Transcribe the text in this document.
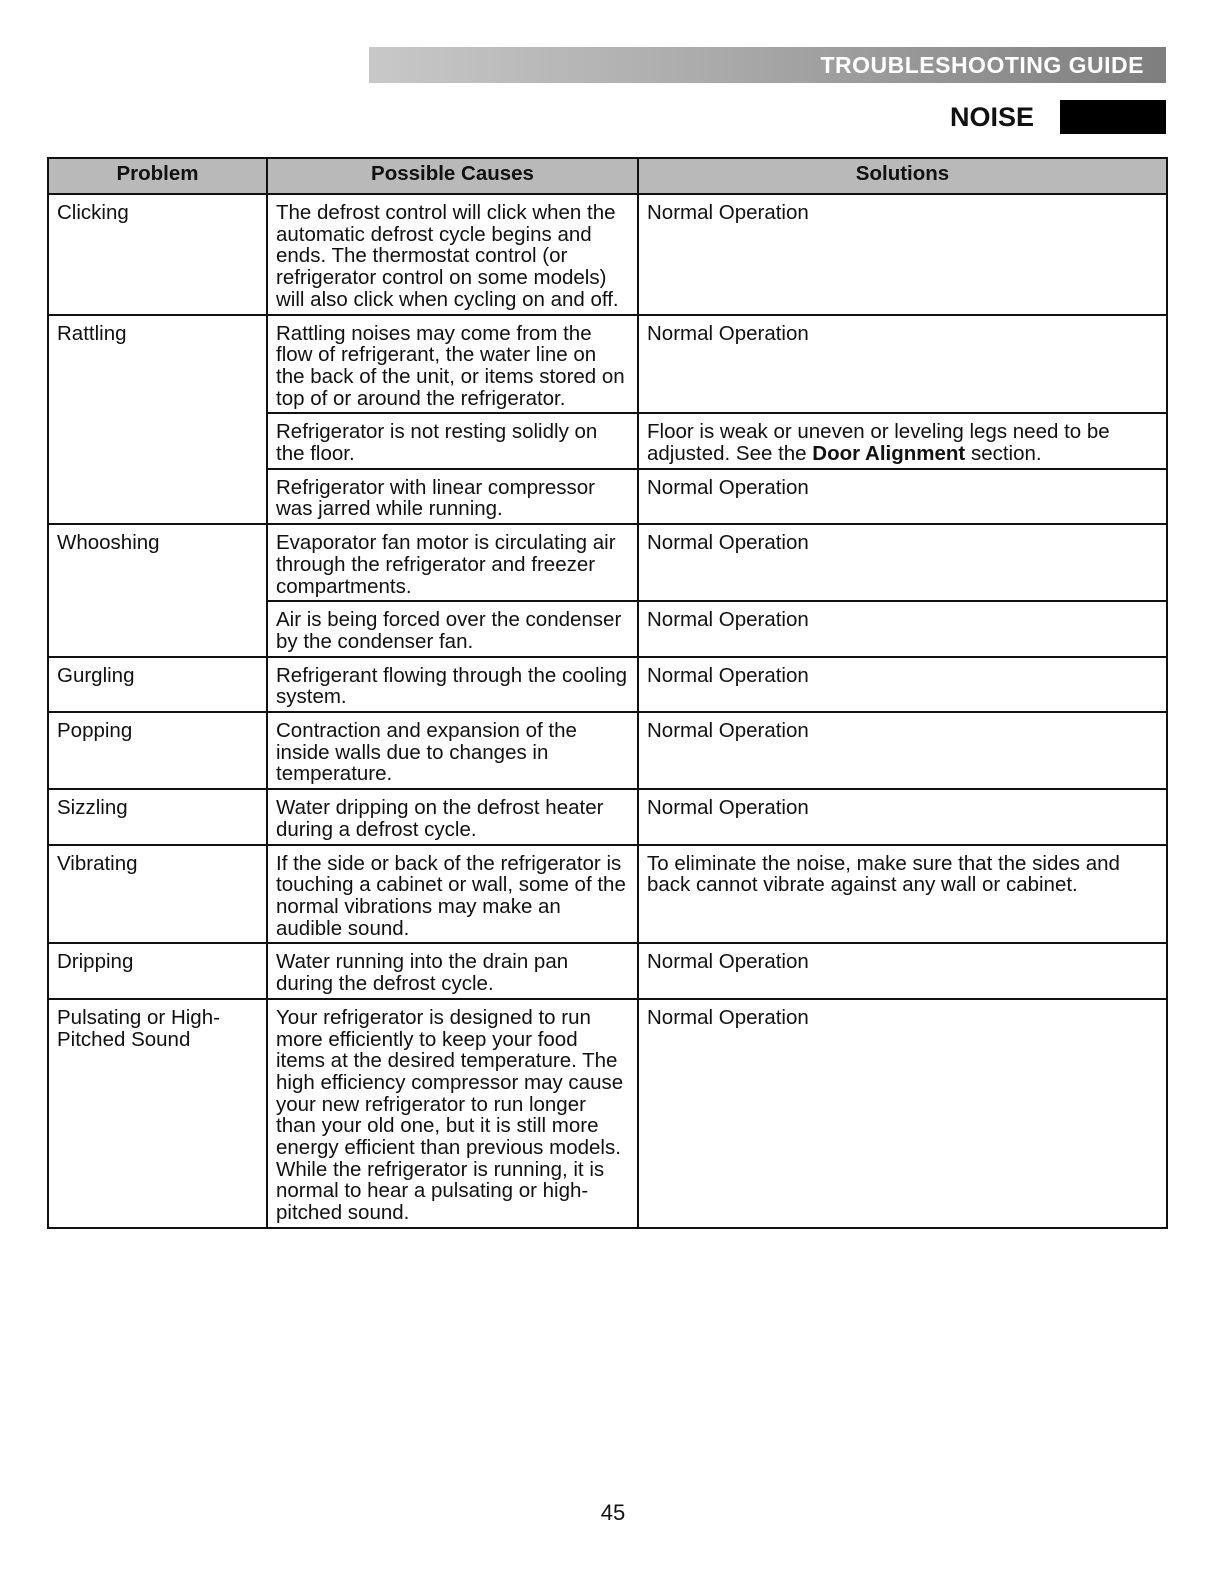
TROUBLESHOOTING GUIDE
NOISE
Problem	Possible Causes	Solutions
Clicking	The defrost control will click when the automatic defrost cycle begins and ends. The thermostat control (or refrigerator control on some models) will also click when cycling on and off.	Normal Operation
Rattling	Rattling noises may come from the flow of refrigerant, the water line on the back of the unit, or items stored on top of or around the refrigerator.	Normal Operation
	Refrigerator is not resting solidly on the floor.	Floor is weak or uneven or leveling legs need to be adjusted. See the Door Alignment section.
	Refrigerator with linear compressor was jarred while running.	Normal Operation
Whooshing	Evaporator fan motor is circulating air through the refrigerator and freezer compartments.	Normal Operation
	Air is being forced over the condenser by the condenser fan.	Normal Operation
Gurgling	Refrigerant flowing through the cooling system.	Normal Operation
Popping	Contraction and expansion of the inside walls due to changes in temperature.	Normal Operation
Sizzling	Water dripping on the defrost heater during a defrost cycle.	Normal Operation
Vibrating	If the side or back of the refrigerator is touching a cabinet or wall, some of the normal vibrations may make an audible sound.	To eliminate the noise, make sure that the sides and back cannot vibrate against any wall or cabinet.
Dripping	Water running into the drain pan during the defrost cycle.	Normal Operation
Pulsating or High-Pitched Sound	Your refrigerator is designed to run more efficiently to keep your food items at the desired temperature. The high efficiency compressor may cause your new refrigerator to run longer than your old one, but it is still more energy efficient than previous models. While the refrigerator is running, it is normal to hear a pulsating or high-pitched sound.	Normal Operation
45
